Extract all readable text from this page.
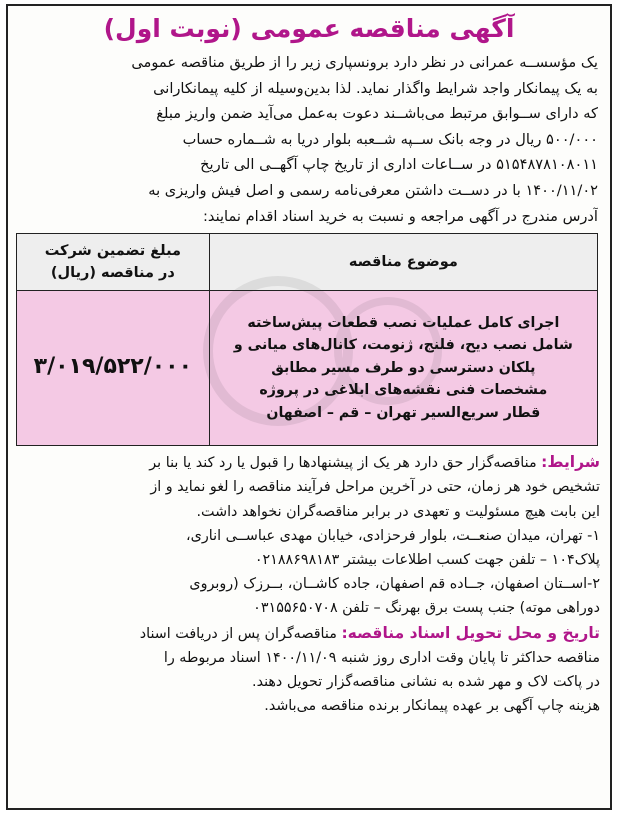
آگهی مناقصه عمومی (نوبت اول)
یک مؤسســه عمرانی در نظر دارد برونسپاری زیر را از طریق مناقصه عمومی
به یک پیمانکار واجد شرایط واگذار نماید. لذا بدین‌وسیله از کلیه پیمانکارانی
که دارای ســوابق مرتبط می‌باشــند دعوت به‌عمل می‌آید ضمن واریز مبلغ
۵۰۰/۰۰۰ ریال در وجه بانک ســپه شــعبه بلوار دریا به شــماره حساب
۵۱۵۴۸۷۸۱۰۸۰۱۱ در ســاعات اداری از تاریخ چاپ آگهــی الی تاریخ
۱۴۰۰/۱۱/۰۲ با در دســت داشتن معرفی‌نامه رسمی و اصل فیش واریزی به
آدرس مندرج در آگهی مراجعه و نسبت به خرید اسناد اقدام نمایند:
موضوع مناقصه	مبلغ تضمین شرکت
در مناقصه (ریال)

اجرای کامل عملیات نصب قطعات پیش‌ساخته
شامل نصب دیح، فلنج، ژنومت، کانال‌های میانی و
پلکان دسترسی دو طرف مسیر مطابق
مشخصات فنی نقشه‌های ابلاغی در پروژه
قطار سریع‌السیر تهران – قم – اصفهان	۳/۰۱۹/۵۲۲/۰۰۰
شرایط: مناقصه‌گزار حق دارد هر یک از پیشنهادها را قبول یا رد کند یا بنا بر
تشخیص خود هر زمان، حتی در آخرین مراحل فرآیند مناقصه را لغو نماید و از
این بابت هیچ مسئولیت و تعهدی در برابر مناقصه‌گران نخواهد داشت.
۱- تهران، میدان صنعــت، بلوار فرحزادی، خیابان مهدی عباســی اناری،
پلاک۱۰۴ – تلفن جهت کسب اطلاعات بیشتر ۰۲۱۸۸۶۹۸۱۸۳
۲-اســتان اصفهان، جــاده قم اصفهان، جاده کاشــان، بــرزک (روبروی
دوراهی موته) جنب پست برق بهرنگ – تلفن ۰۳۱۵۵۶۵۰۷۰۸
تاریخ و محل تحویل اسناد مناقصه: مناقصه‌گران پس از دریافت اسناد
مناقصه حداکثر تا پایان وقت اداری روز شنبه ۱۴۰۰/۱۱/۰۹ اسناد مربوطه را
در پاکت لاک و مهر شده به نشانی مناقصه‌گزار تحویل دهند.
هزینه چاپ آگهی بر عهده پیمانکار برنده مناقصه می‌باشد.
